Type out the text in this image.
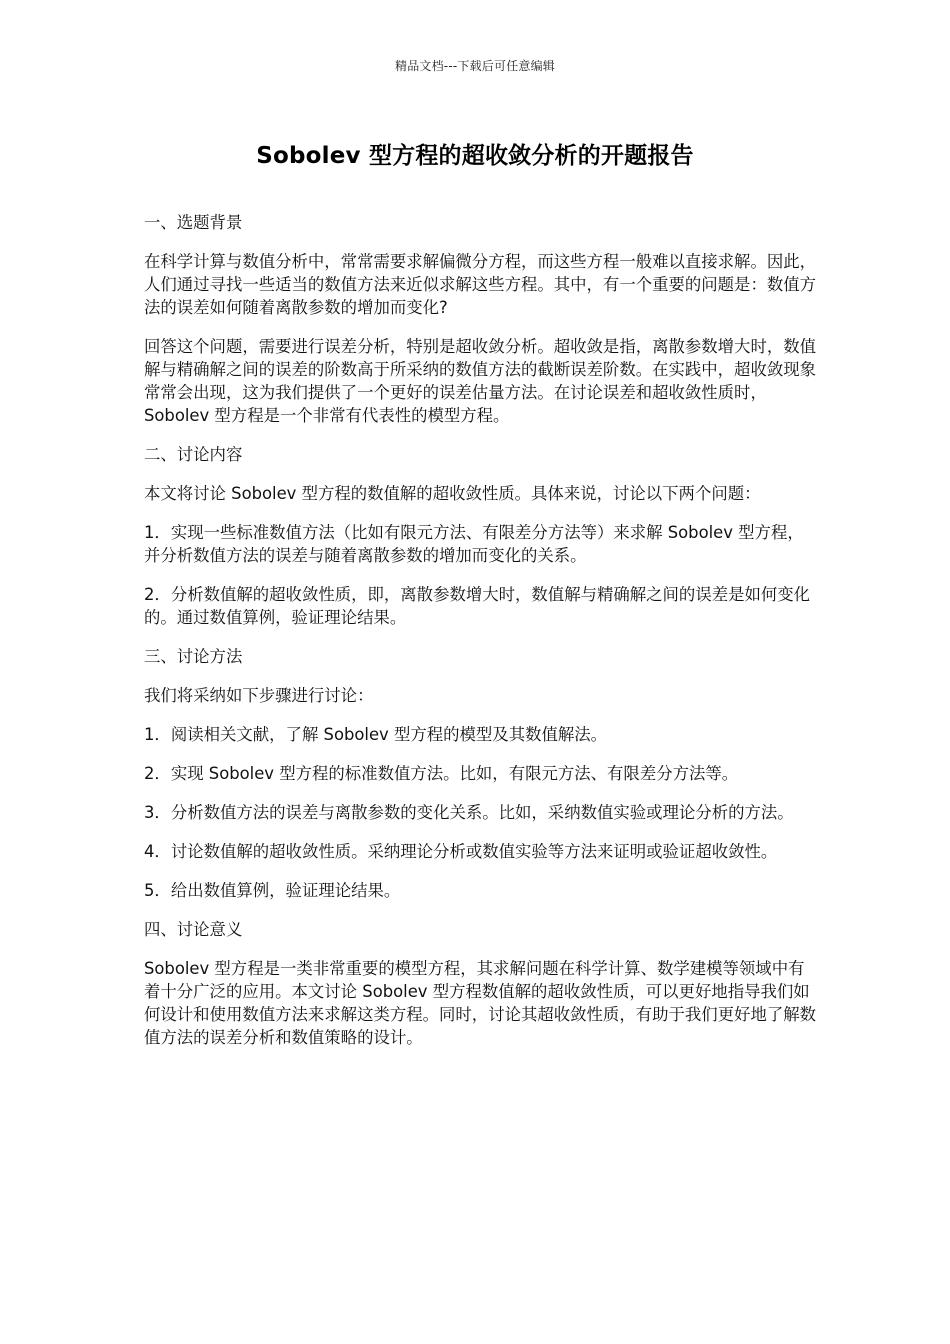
精品文档---下载后可任意编辑
Sobolev 型方程的超收敛分析的开题报告

一、选题背景

在科学计算与数值分析中，常常需要求解偏微分方程，而这些方程一般难以直接求解。因此，人们通过寻找一些适当的数值方法来近似求解这些方程。其中，有一个重要的问题是：数值方法的误差如何随着离散参数的增加而变化?

回答这个问题，需要进行误差分析，特别是超收敛分析。超收敛是指，离散参数增大时，数值解与精确解之间的误差的阶数高于所采纳的数值方法的截断误差阶数。在实践中，超收敛现象常常会出现，这为我们提供了一个更好的误差估量方法。在讨论误差和超收敛性质时，Sobolev 型方程是一个非常有代表性的模型方程。

二、讨论内容

本文将讨论 Sobolev 型方程的数值解的超收敛性质。具体来说，讨论以下两个问题：

1．实现一些标准数值方法（比如有限元方法、有限差分方法等）来求解 Sobolev 型方程，并分析数值方法的误差与随着离散参数的增加而变化的关系。

2．分析数值解的超收敛性质，即，离散参数增大时，数值解与精确解之间的误差是如何变化的。通过数值算例，验证理论结果。

三、讨论方法

我们将采纳如下步骤进行讨论：

1．阅读相关文献，了解 Sobolev 型方程的模型及其数值解法。

2．实现 Sobolev 型方程的标准数值方法。比如，有限元方法、有限差分方法等。

3．分析数值方法的误差与离散参数的变化关系。比如，采纳数值实验或理论分析的方法。

4．讨论数值解的超收敛性质。采纳理论分析或数值实验等方法来证明或验证超收敛性。

5．给出数值算例，验证理论结果。

四、讨论意义

Sobolev 型方程是一类非常重要的模型方程，其求解问题在科学计算、数学建模等领域中有着十分广泛的应用。本文讨论 Sobolev 型方程数值解的超收敛性质，可以更好地指导我们如何设计和使用数值方法来求解这类方程。同时，讨论其超收敛性质，有助于我们更好地了解数值方法的误差分析和数值策略的设计。
